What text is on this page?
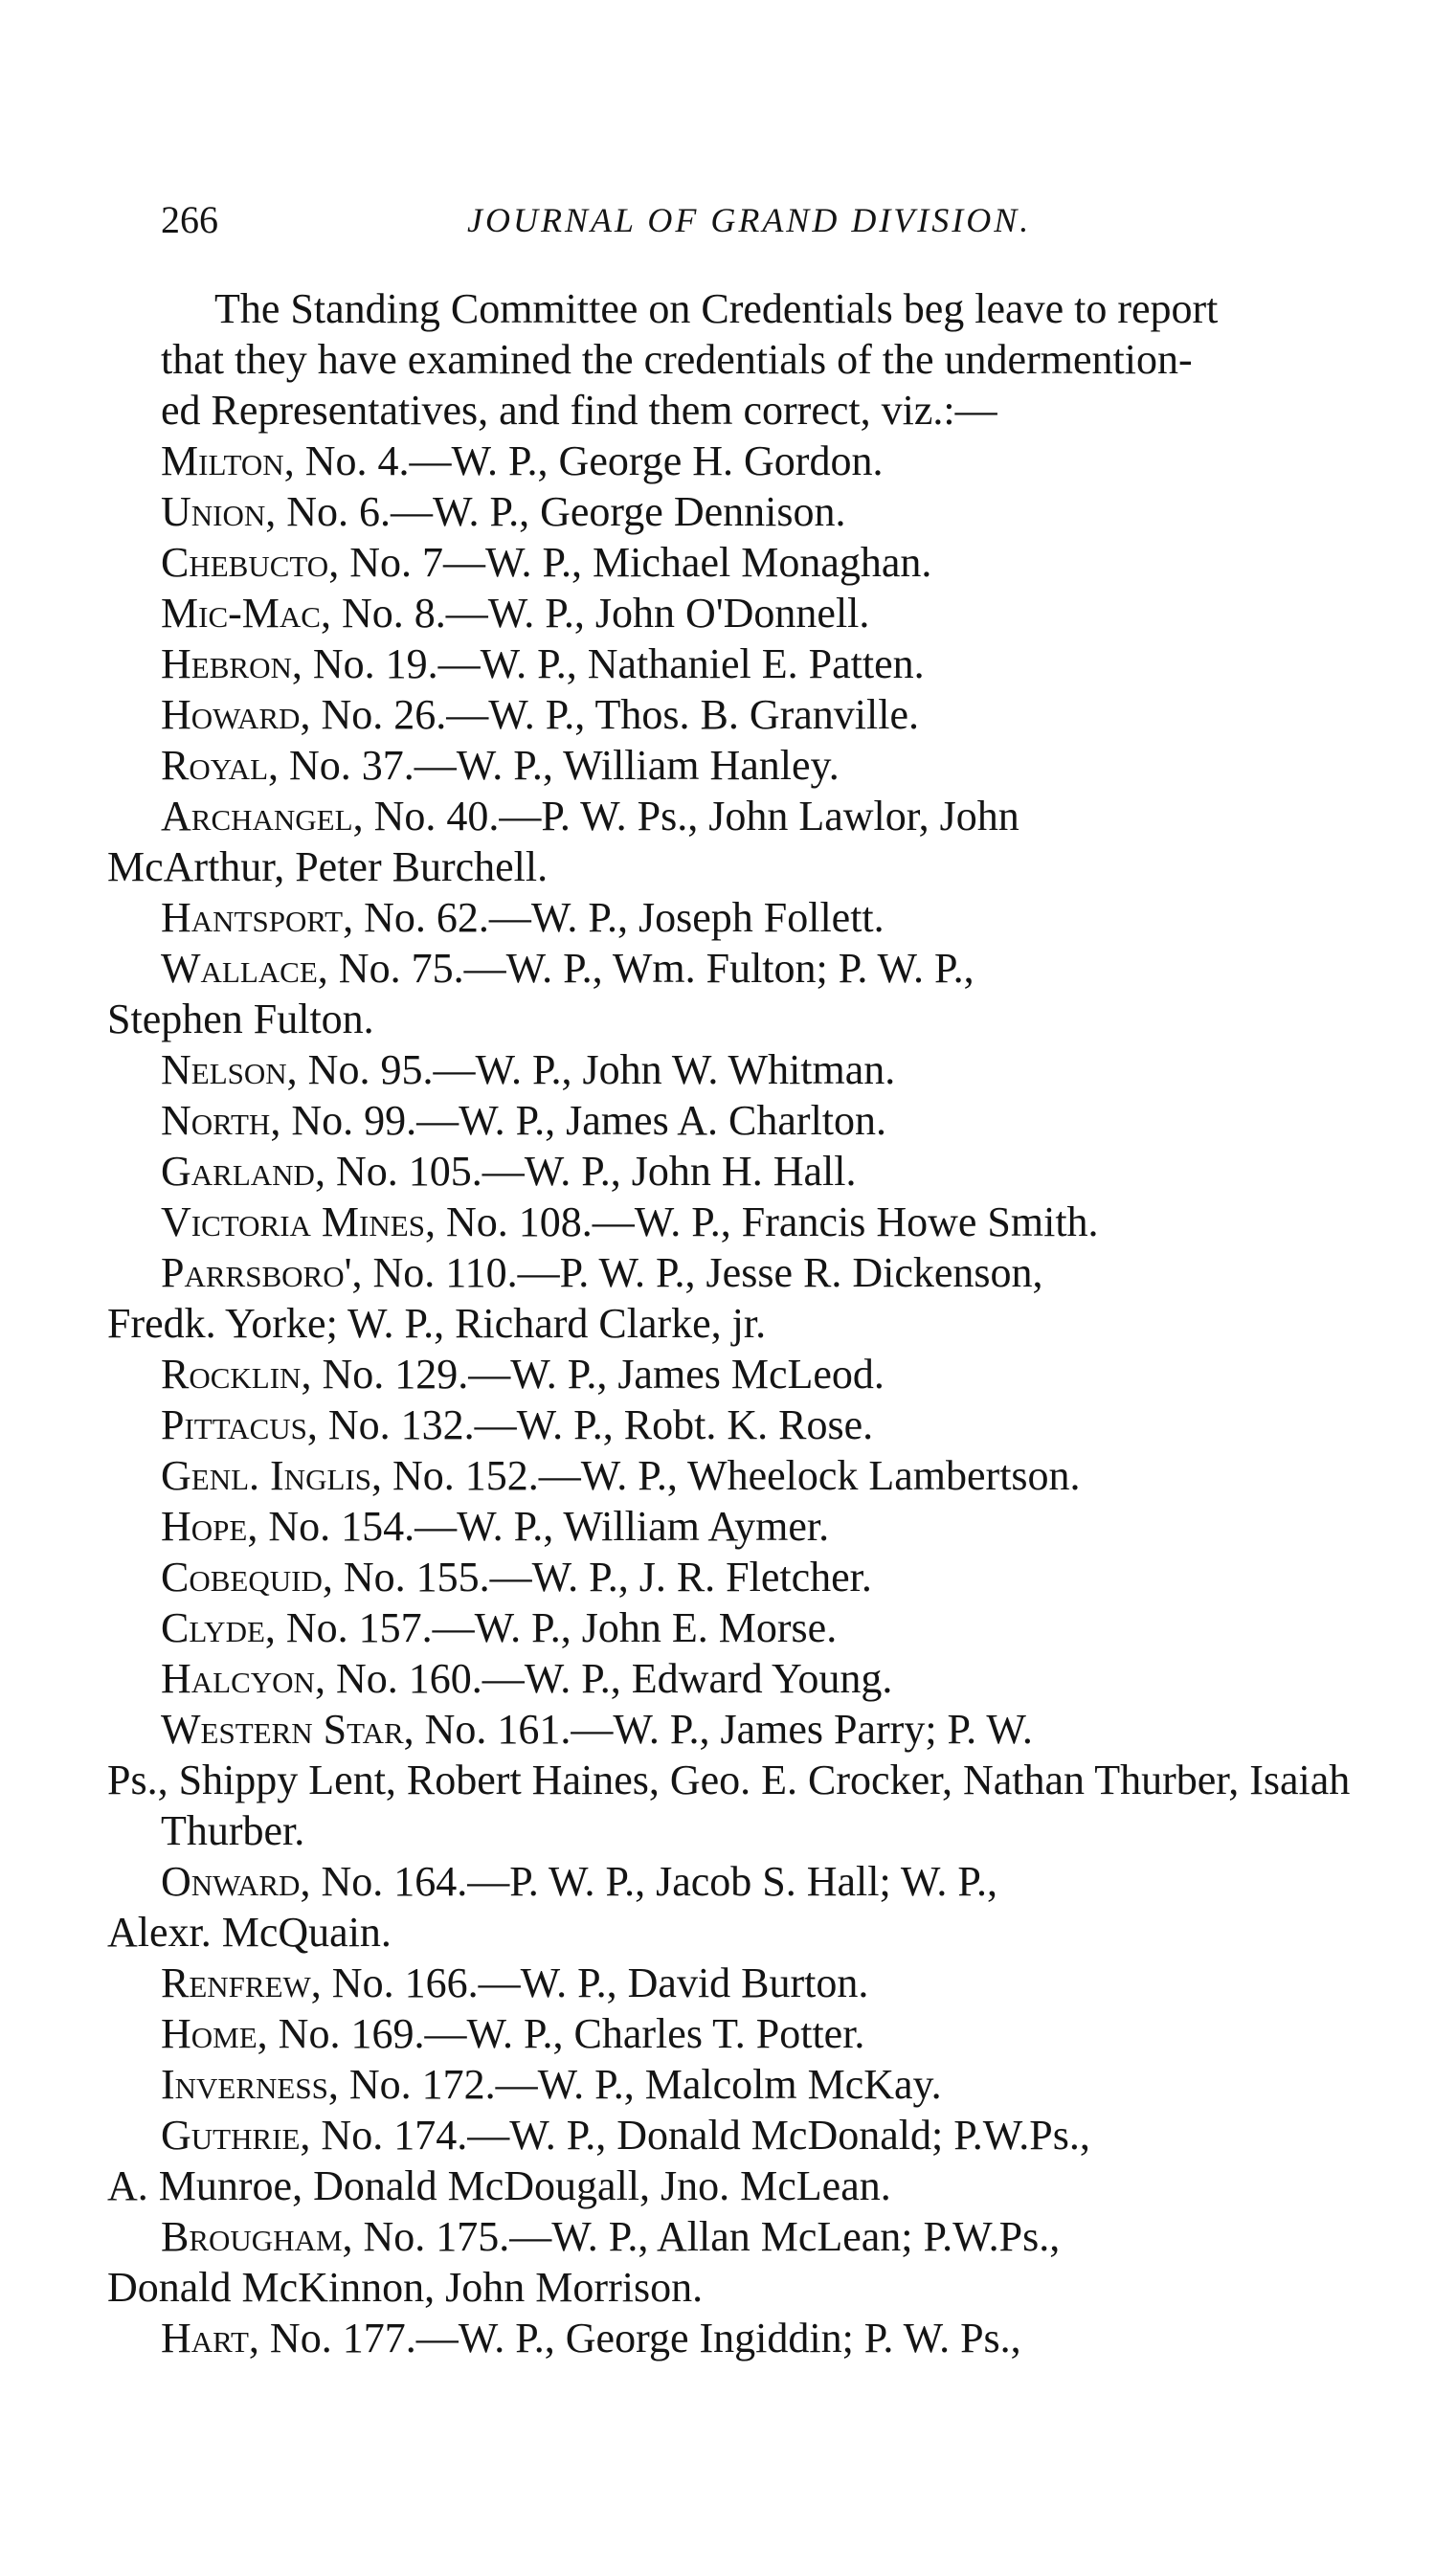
266	JOURNAL OF GRAND DIVISION.
The Standing Committee on Credentials beg leave to report
that they have examined the credentials of the undermention-
ed Representatives, and find them correct, viz.:—
Milton, No. 4.—W. P., George H. Gordon.
Union, No. 6.—W. P., George Dennison.
Chebucto, No. 7—W. P., Michael Monaghan.
Mic-Mac, No. 8.—W. P., John O'Donnell.
Hebron, No. 19.—W. P., Nathaniel E. Patten.
Howard, No. 26.—W. P., Thos. B. Granville.
Royal, No. 37.—W. P., William Hanley.
Archangel, No. 40.—P. W. Ps., John Lawlor, John
McArthur, Peter Burchell.
Hantsport, No. 62.—W. P., Joseph Follett.
Wallace, No. 75.—W. P., Wm. Fulton; P. W. P.,
Stephen Fulton.
Nelson, No. 95.—W. P., John W. Whitman.
North, No. 99.—W. P., James A. Charlton.
Garland, No. 105.—W. P., John H. Hall.
Victoria Mines, No. 108.—W. P., Francis Howe Smith.
Parrsboro', No. 110.—P. W. P., Jesse R. Dickenson,
Fredk. Yorke; W. P., Richard Clarke, jr.
Rocklin, No. 129.—W. P., James McLeod.
Pittacus, No. 132.—W. P., Robt. K. Rose.
Genl. Inglis, No. 152.—W. P., Wheelock Lambertson.
Hope, No. 154.—W. P., William Aymer.
Cobequid, No. 155.—W. P., J. R. Fletcher.
Clyde, No. 157.—W. P., John E. Morse.
Halcyon, No. 160.—W. P., Edward Young.
Western Star, No. 161.—W. P., James Parry; P. W.
Ps., Shippy Lent, Robert Haines, Geo. E. Crocker, Nathan Thurber, Isaiah Thurber.
Onward, No. 164.—P. W. P., Jacob S. Hall; W. P.,
Alexr. McQuain.
Renfrew, No. 166.—W. P., David Burton.
Home, No. 169.—W. P., Charles T. Potter.
Inverness, No. 172.—W. P., Malcolm McKay.
Guthrie, No. 174.—W. P., Donald McDonald; P.W.Ps.,
A. Munroe, Donald McDougall, Jno. McLean.
Brougham, No. 175.—W. P., Allan McLean; P.W.Ps.,
Donald McKinnon, John Morrison.
Hart, No. 177.—W. P., George Ingiddin; P. W. Ps.,
